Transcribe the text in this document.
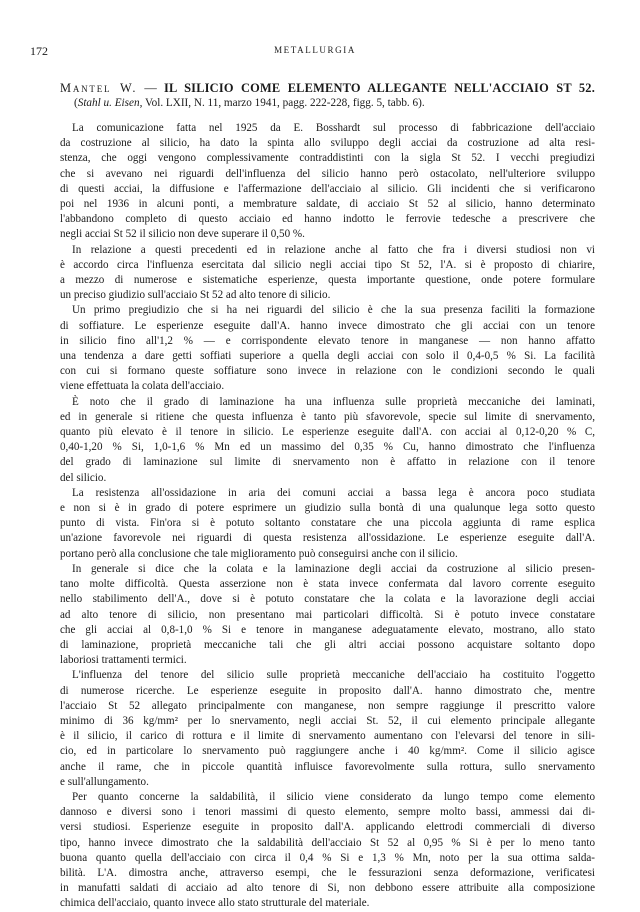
172	METALLURGIA
Mantel W. — IL SILICIO COME ELEMENTO ALLEGANTE NELL'ACCIAIO ST 52.
(Stahl u. Eisen, Vol. LXII, N. 11, marzo 1941, pagg. 222-228, figg. 5, tabb. 6).

La comunicazione fatta nel 1925 da E. Bosshardt sul processo di fabbricazione dell'acciaio
da costruzione al silicio, ha dato la spinta allo sviluppo degli acciai da costruzione ad alta resi-
stenza, che oggi vengono complessivamente contraddistinti con la sigla St 52. I vecchi pregiudizi
che si avevano nei riguardi dell'influenza del silicio hanno però ostacolato, nell'ulteriore sviluppo
di questi acciai, la diffusione e l'affermazione dell'acciaio al silicio. Gli incidenti che si verificarono
poi nel 1936 in alcuni ponti, a membrature saldate, di acciaio St 52 al silicio, hanno determinato
l'abbandono completo di questo acciaio ed hanno indotto le ferrovie tedesche a prescrivere che
negli acciai St 52 il silicio non deve superare il 0,50 %.

In relazione a questi precedenti ed in relazione anche al fatto che fra i diversi studiosi non vi
è accordo circa l'influenza esercitata dal silicio negli acciai tipo St 52, l'A. si è proposto di chiarire,
a mezzo di numerose e sistematiche esperienze, questa importante questione, onde potere formulare
un preciso giudizio sull'acciaio St 52 ad alto tenore di silicio.

Un primo pregiudizio che si ha nei riguardi del silicio è che la sua presenza faciliti la formazione
di soffiature. Le esperienze eseguite dall'A. hanno invece dimostrato che gli acciai con un tenore
in silicio fino all'1,2 % — e corrispondente elevato tenore in manganese — non hanno affatto
una tendenza a dare getti soffiati superiore a quella degli acciai con solo il 0,4-0,5 % Si. La facilità
con cui si formano queste soffiature sono invece in relazione con le condizioni secondo le quali
viene effettuata la colata dell'acciaio.

È noto che il grado di laminazione ha una influenza sulle proprietà meccaniche dei laminati,
ed in generale si ritiene che questa influenza è tanto più sfavorevole, specie sul limite di snervamento,
quanto più elevato è il tenore in silicio. Le esperienze eseguite dall'A. con acciai al 0,12-0,20 % C,
0,40-1,20 % Si, 1,0-1,6 % Mn ed un massimo del 0,35 % Cu, hanno dimostrato che l'influenza
del grado di laminazione sul limite di snervamento non è affatto in relazione con il tenore
del silicio.

La resistenza all'ossidazione in aria dei comuni acciai a bassa lega è ancora poco studiata
e non si è in grado di potere esprimere un giudizio sulla bontà di una qualunque lega sotto questo
punto di vista. Fin'ora si è potuto soltanto constatare che una piccola aggiunta di rame esplica
un'azione favorevole nei riguardi di questa resistenza all'ossidazione. Le esperienze eseguite dall'A.
portano però alla conclusione che tale miglioramento può conseguirsi anche con il silicio.

In generale si dice che la colata e la laminazione degli acciai da costruzione al silicio presen-
tano molte difficoltà. Questa asserzione non è stata invece confermata dal lavoro corrente eseguito
nello stabilimento dell'A., dove si è potuto constatare che la colata e la lavorazione degli acciai
ad alto tenore di silicio, non presentano mai particolari difficoltà. Si è potuto invece constatare
che gli acciai al 0,8-1,0 % Si e tenore in manganese adeguatamente elevato, mostrano, allo stato
di laminazione, proprietà meccaniche tali che gli altri acciai possono acquistare soltanto dopo
laboriosi trattamenti termici.

L'influenza del tenore del silicio sulle proprietà meccaniche dell'acciaio ha costituito l'oggetto
di numerose ricerche. Le esperienze eseguite in proposito dall'A. hanno dimostrato che, mentre
l'acciaio St 52 allegato principalmente con manganese, non sempre raggiunge il prescritto valore
minimo di 36 kg/mm² per lo snervamento, negli acciai St. 52, il cui elemento principale allegante
è il silicio, il carico di rottura e il limite di snervamento aumentano con l'elevarsi del tenore in sili-
cio, ed in particolare lo snervamento può raggiungere anche i 40 kg/mm². Come il silicio agisce
anche il rame, che in piccole quantità influisce favorevolmente sulla rottura, sullo snervamento
e sull'allungamento.

Per quanto concerne la saldabilità, il silicio viene considerato da lungo tempo come elemento
dannoso e diversi sono i tenori massimi di questo elemento, sempre molto bassi, ammessi dai di-
versi studiosi. Esperienze eseguite in proposito dall'A. applicando elettrodi commerciali di diverso
tipo, hanno invece dimostrato che la saldabilità dell'acciaio St 52 al 0,95 % Si è per lo meno tanto
buona quanto quella dell'acciaio con circa il 0,4 % Si e 1,3 % Mn, noto per la sua ottima salda-
bilità. L'A. dimostra anche, attraverso esempi, che le fessurazioni senza deformazione, verificatesi
in manufatti saldati di acciaio ad alto tenore di Si, non debbono essere attribuite alla composizione
chimica dell'acciaio, quanto invece allo stato strutturale del materiale.
